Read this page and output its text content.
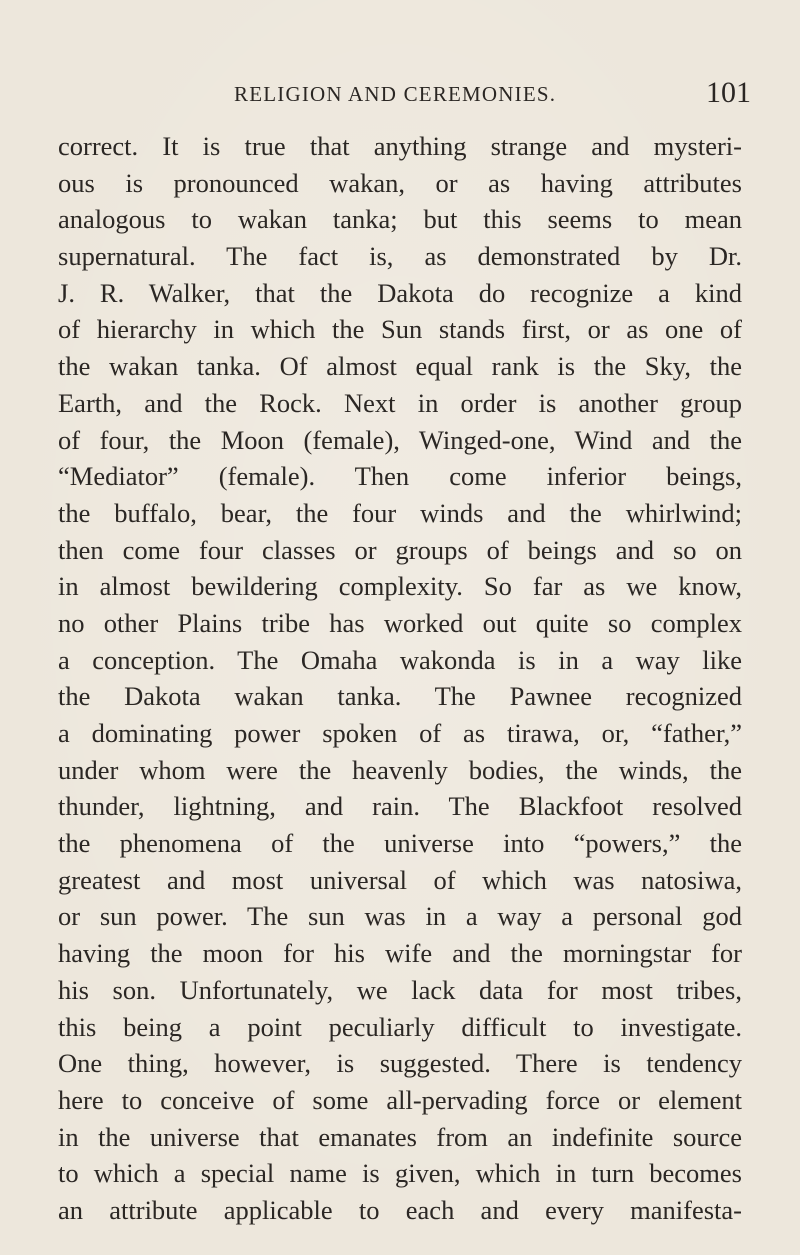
RELIGION AND CEREMONIES.	101
correct. It is true that anything strange and mysteri-
ous is pronounced wakan, or as having attributes
analogous to wakan tanka; but this seems to mean
supernatural. The fact is, as demonstrated by Dr.
J. R. Walker, that the Dakota do recognize a kind
of hierarchy in which the Sun stands first, or as one of
the wakan tanka. Of almost equal rank is the Sky, the
Earth, and the Rock. Next in order is another group
of four, the Moon (female), Winged-one, Wind and the
“Mediator” (female). Then come inferior beings,
the buffalo, bear, the four winds and the whirlwind;
then come four classes or groups of beings and so on
in almost bewildering complexity. So far as we know,
no other Plains tribe has worked out quite so complex
a conception. The Omaha wakonda is in a way like
the Dakota wakan tanka. The Pawnee recognized
a dominating power spoken of as tirawa, or, “father,”
under whom were the heavenly bodies, the winds, the
thunder, lightning, and rain. The Blackfoot resolved
the phenomena of the universe into “powers,” the
greatest and most universal of which was natosiwa,
or sun power. The sun was in a way a personal god
having the moon for his wife and the morningstar for
his son. Unfortunately, we lack data for most tribes,
this being a point peculiarly difficult to investigate.
One thing, however, is suggested. There is tendency
here to conceive of some all-pervading force or element
in the universe that emanates from an indefinite source
to which a special name is given, which in turn becomes
an attribute applicable to each and every manifesta-
